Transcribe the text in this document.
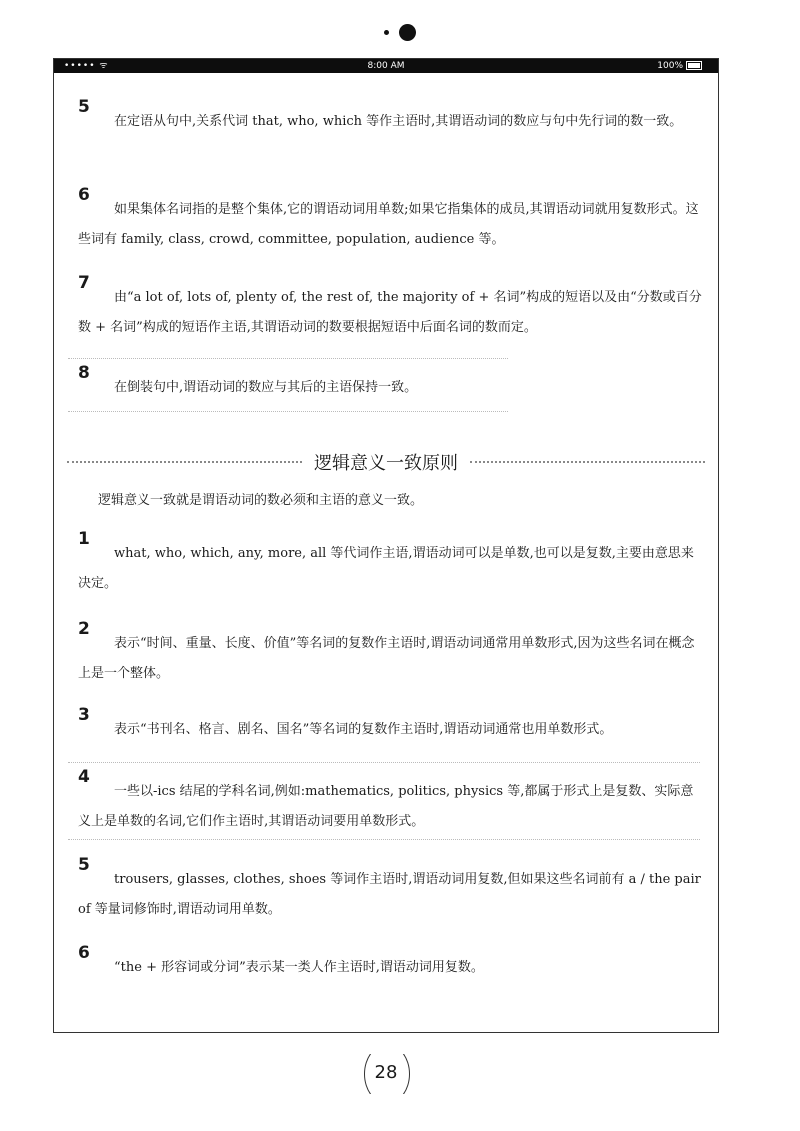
••••• ᯤ	8:00 AM	100%
5

在定语从句中,关系代词 that, who, which 等作主语时,其谓语动词的数应与句中先行词的数一致。

6

如果集体名词指的是整个集体,它的谓语动词用单数;如果它指集体的成员,其谓语动词就用复数形式。这些词有 family, class, crowd, committee, population, audience 等。

7

由“a lot of, lots of, plenty of, the rest of, the majority of + 名词”构成的短语以及由“分数或百分数 + 名词”构成的短语作主语,其谓语动词的数要根据短语中后面名词的数而定。

8

在倒装句中,谓语动词的数应与其后的主语保持一致。

逻辑意义一致原则
逻辑意义一致就是谓语动词的数必须和主语的意义一致。
1

what, who, which, any, more, all 等代词作主语,谓语动词可以是单数,也可以是复数,主要由意思来决定。

2

表示“时间、重量、长度、价值”等名词的复数作主语时,谓语动词通常用单数形式,因为这些名词在概念上是一个整体。

3

表示“书刊名、格言、剧名、国名”等名词的复数作主语时,谓语动词通常也用单数形式。

4

一些以-ics 结尾的学科名词,例如:mathematics, politics, physics 等,都属于形式上是复数、实际意义上是单数的名词,它们作主语时,其谓语动词要用单数形式。

5

trousers, glasses, clothes, shoes 等词作主语时,谓语动词用复数,但如果这些名词前有 a / the pair of 等量词修饰时,谓语动词用单数。

6

“the + 形容词或分词”表示某一类人作主语时,谓语动词用复数。

28
